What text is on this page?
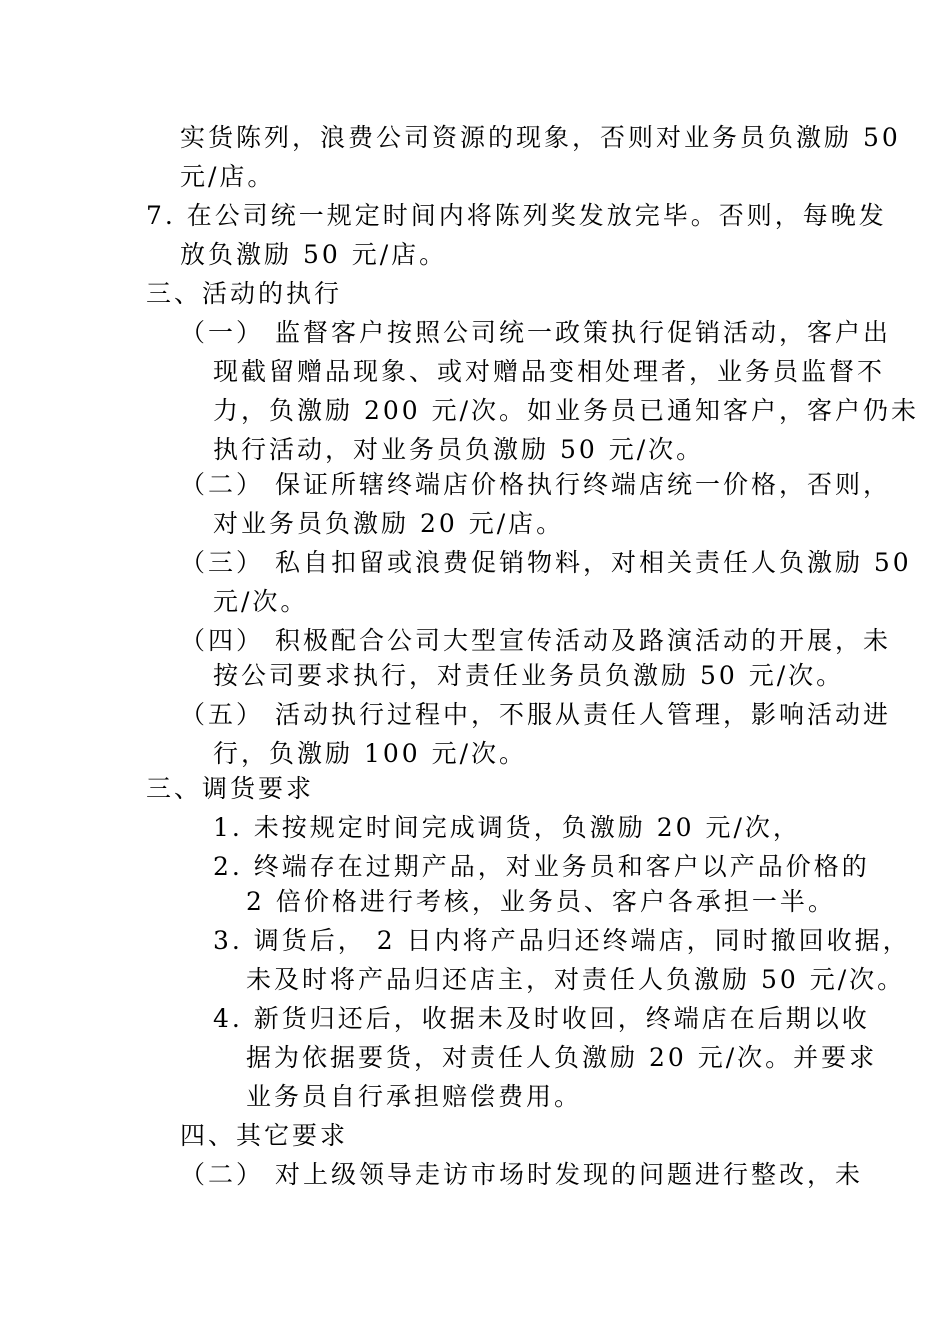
实货陈列，浪费公司资源的现象，否则对业务员负激励 50
元/店。
7. 在公司统一规定时间内将陈列奖发放完毕。否则，每晚发
放负激励 50 元/店。
三、活动的执行
（一） 监督客户按照公司统一政策执行促销活动，客户出
现截留赠品现象、或对赠品变相处理者，业务员监督不
力，负激励 200 元/次。如业务员已通知客户，客户仍未
执行活动，对业务员负激励 50 元/次。
（二） 保证所辖终端店价格执行终端店统一价格，否则，
对业务员负激励 20 元/店。
（三） 私自扣留或浪费促销物料，对相关责任人负激励 50
元/次。
（四） 积极配合公司大型宣传活动及路演活动的开展，未
按公司要求执行，对责任业务员负激励 50 元/次。
（五） 活动执行过程中，不服从责任人管理，影响活动进
行，负激励 100 元/次。
三、调货要求
1. 未按规定时间完成调货，负激励 20 元/次，
2. 终端存在过期产品，对业务员和客户以产品价格的
2 倍价格进行考核，业务员、客户各承担一半。
3. 调货后， 2 日内将产品归还终端店，同时撤回收据，
未及时将产品归还店主，对责任人负激励 50 元/次。
4. 新货归还后，收据未及时收回，终端店在后期以收
据为依据要货，对责任人负激励 20 元/次。并要求
业务员自行承担赔偿费用。
四、其它要求
（二） 对上级领导走访市场时发现的问题进行整改，未
